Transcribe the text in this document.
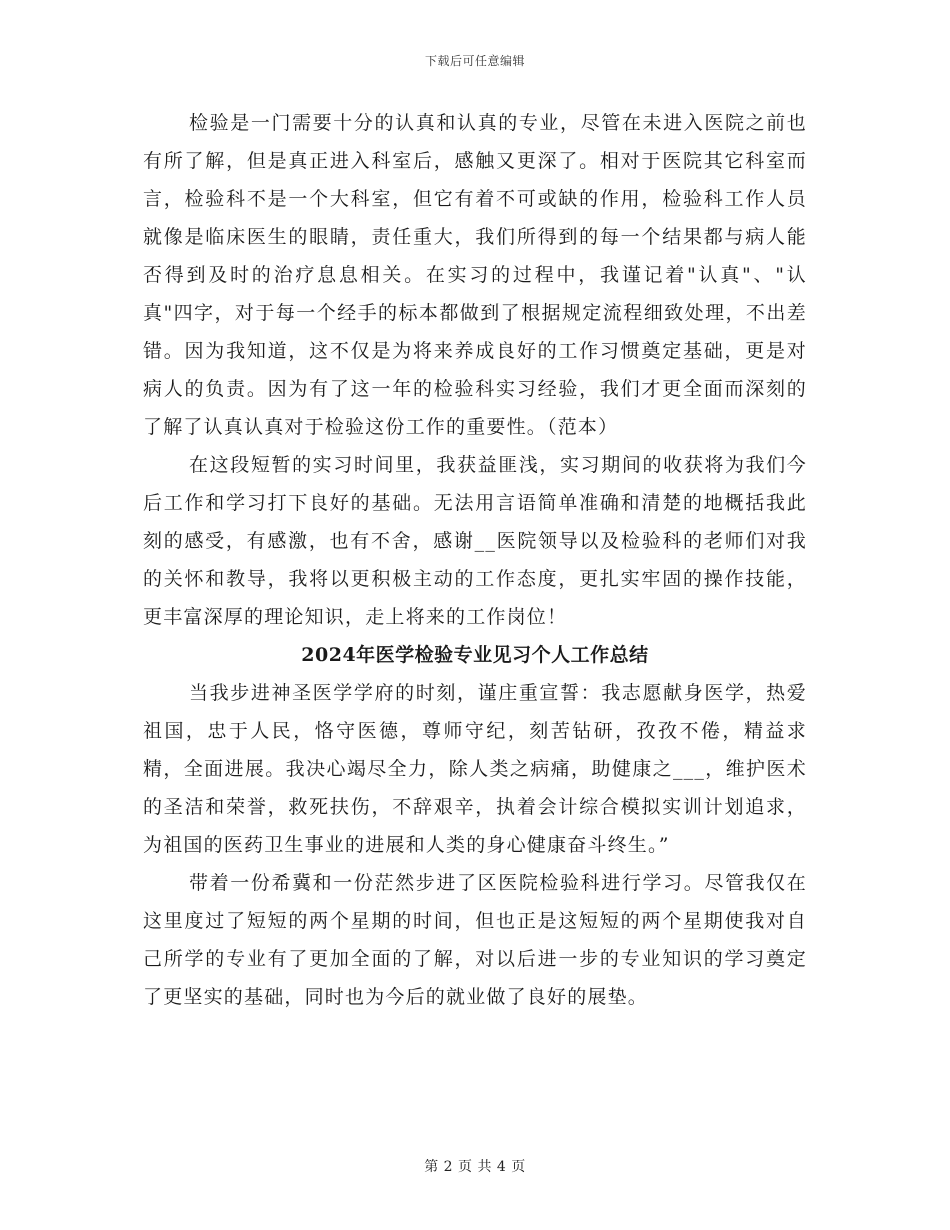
下载后可任意编辑

检验是一门需要十分的认真和认真的专业，尽管在未进入医院之前也有所了解，但是真正进入科室后，感触又更深了。相对于医院其它科室而言，检验科不是一个大科室，但它有着不可或缺的作用，检验科工作人员就像是临床医生的眼睛，责任重大，我们所得到的每一个结果都与病人能否得到及时的治疗息息相关。在实习的过程中，我谨记着"认真"、"认真"四字，对于每一个经手的标本都做到了根据规定流程细致处理，不出差错。因为我知道，这不仅是为将来养成良好的工作习惯奠定基础，更是对病人的负责。因为有了这一年的检验科实习经验，我们才更全面而深刻的了解了认真认真对于检验这份工作的重要性。（范本）

在这段短暂的实习时间里，我获益匪浅，实习期间的收获将为我们今后工作和学习打下良好的基础。无法用言语简单准确和清楚的地概括我此刻的感受，有感激，也有不舍，感谢__医院领导以及检验科的老师们对我的关怀和教导，我将以更积极主动的工作态度，更扎实牢固的操作技能，更丰富深厚的理论知识，走上将来的工作岗位！

2024年医学检验专业见习个人工作总结

当我步进神圣医学学府的时刻，谨庄重宣誓：我志愿献身医学，热爱祖国，忠于人民，恪守医德，尊师守纪，刻苦钻研，孜孜不倦，精益求精，全面进展。我决心竭尽全力，除人类之病痛，助健康之___，维护医术的圣洁和荣誉，救死扶伤，不辞艰辛，执着会计综合模拟实训计划追求，为祖国的医药卫生事业的进展和人类的身心健康奋斗终生。”

带着一份希冀和一份茫然步进了区医院检验科进行学习。尽管我仅在这里度过了短短的两个星期的时间，但也正是这短短的两个星期使我对自己所学的专业有了更加全面的了解，对以后进一步的专业知识的学习奠定了更坚实的基础，同时也为今后的就业做了良好的展垫。

第 2 页 共 4 页
